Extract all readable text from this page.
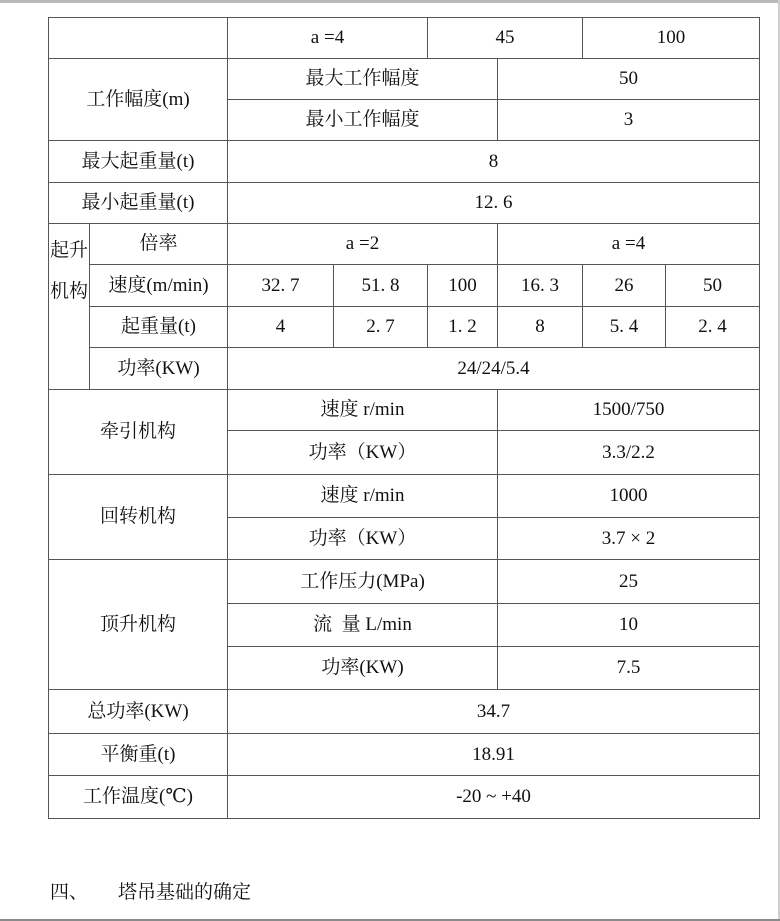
		a =4		45		100	
工作幅度(m)		最大工作幅度			50		
		最小工作幅度			3		
最大起重量(t)		8					
最小起重量(t)		12. 6					

起升机构	倍率	a =2			a =4		
	速度(m/min)	32. 7	51. 8	100	16. 3	26	50
	起重量(t)	4	2. 7	1. 2	8	5. 4	2. 4
	功率(KW)	24/24/5.4					
牵引机构		速度 r/min			1500/750		
		功率（KW）			3.3/2.2		
回转机构		速度 r/min			1000		
		功率（KW）			3.7 × 2		
顶升机构		工作压力(MPa)			25		
		流  量 L/min			10		
		功率(KW)			7.5		
总功率(KW)		34.7					
平衡重(t)		18.91					
工作温度(℃)		-20 ~ +40					
四、 塔吊基础的确定
